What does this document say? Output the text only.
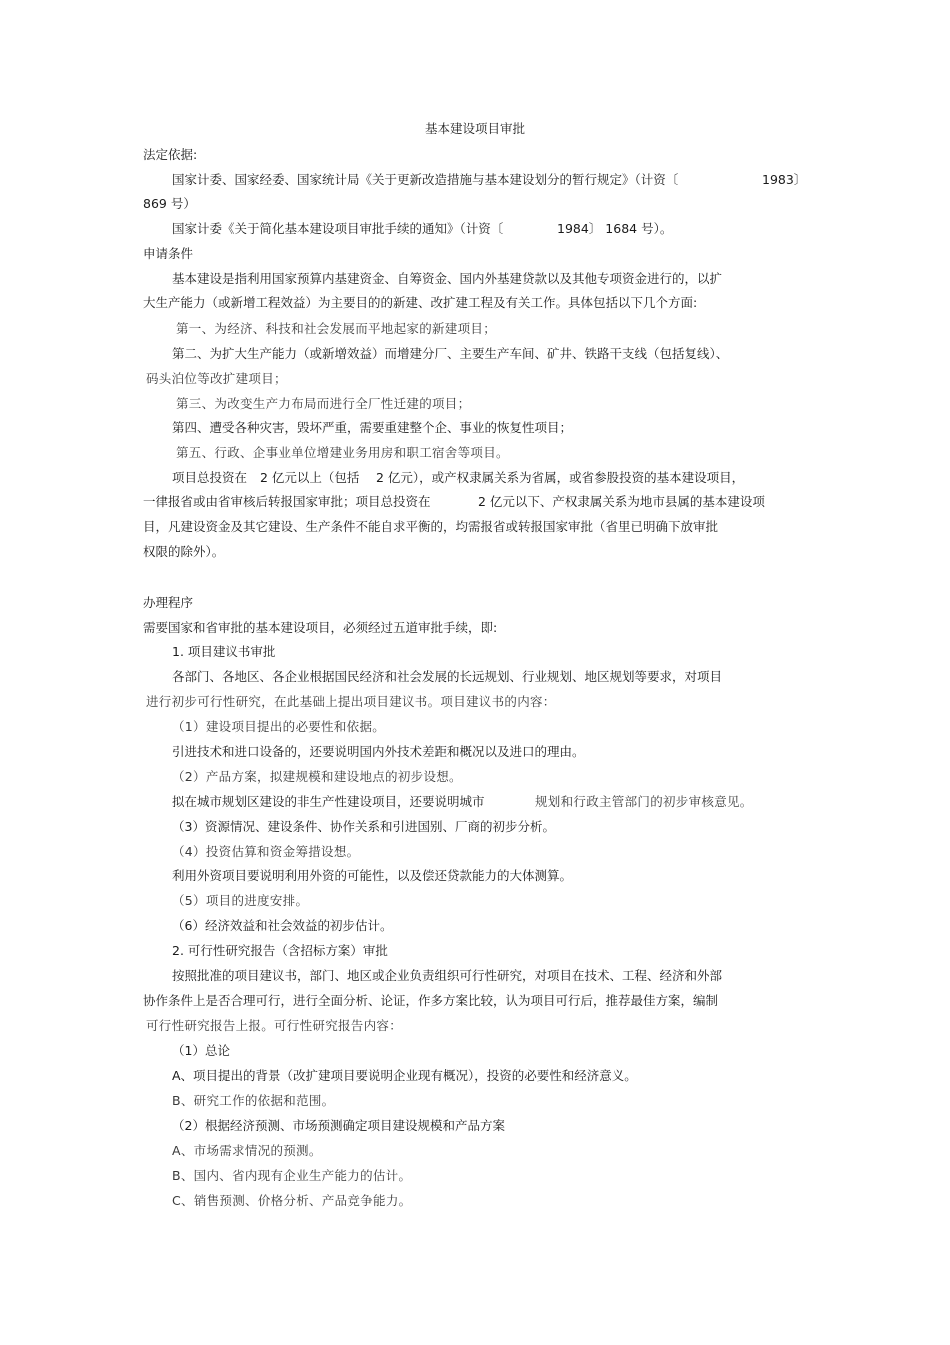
基本建设项目审批
法定依据:
国家计委、国家经委、国家统计局《关于更新改造措施与基本建设划分的暂行规定》（计资〔	1983〕
869 号）
国家计委《关于简化基本建设项目审批手续的通知》（计资〔	1984〕 1684 号）。
申请条件
基本建设是指利用国家预算内基建资金、自筹资金、国内外基建贷款以及其他专项资金进行的，以扩
大生产能力（或新增工程效益）为主要目的的新建、改扩建工程及有关工作。具体包括以下几个方面:
第一、为经济、科技和社会发展而平地起家的新建项目；
第二、为扩大生产能力（或新增效益）而增建分厂、主要生产车间、矿井、铁路干支线（包括复线）、
码头泊位等改扩建项目；
第三、为改变生产力布局而进行全厂性迁建的项目；
第四、遭受各种灾害，毁坏严重，需要重建整个企、事业的恢复性项目；
第五、行政、企事业单位增建业务用房和职工宿舍等项目。
项目总投资在 2 亿元以上（包括 2 亿元），或产权隶属关系为省属，或省参股投资的基本建设项目，
一律报省或由省审核后转报国家审批；项目总投资在	2 亿元以下、产权隶属关系为地市县属的基本建设项
目，凡建设资金及其它建设、生产条件不能自求平衡的，均需报省或转报国家审批（省里已明确下放审批
权限的除外）。
办理程序
需要国家和省审批的基本建设项目，必须经过五道审批手续，即:
1. 项目建议书审批
各部门、各地区、各企业根据国民经济和社会发展的长远规划、行业规划、地区规划等要求，对项目
进行初步可行性研究，在此基础上提出项目建议书。项目建议书的内容：
（1）建设项目提出的必要性和依据。
引进技术和进口设备的，还要说明国内外技术差距和概况以及进口的理由。
（2）产品方案，拟建规模和建设地点的初步设想。
拟在城市规划区建设的非生产性建设项目，还要说明城市	规划和行政主管部门的初步审核意见。
（3）资源情况、建设条件、协作关系和引进国别、厂商的初步分析。
（4）投资估算和资金筹措设想。
利用外资项目要说明利用外资的可能性，以及偿还贷款能力的大体测算。
（5）项目的进度安排。
（6）经济效益和社会效益的初步估计。
2. 可行性研究报告（含招标方案）审批
按照批准的项目建议书，部门、地区或企业负责组织可行性研究，对项目在技术、工程、经济和外部
协作条件上是否合理可行，进行全面分析、论证，作多方案比较，认为项目可行后，推荐最佳方案，编制
可行性研究报告上报。可行性研究报告内容：
（1）总论
A、项目提出的背景（改扩建项目要说明企业现有概况），投资的必要性和经济意义。
B、研究工作的依据和范围。
（2）根据经济预测、市场预测确定项目建设规模和产品方案
A、市场需求情况的预测。
B、国内、省内现有企业生产能力的估计。
C、销售预测、价格分析、产品竞争能力。
